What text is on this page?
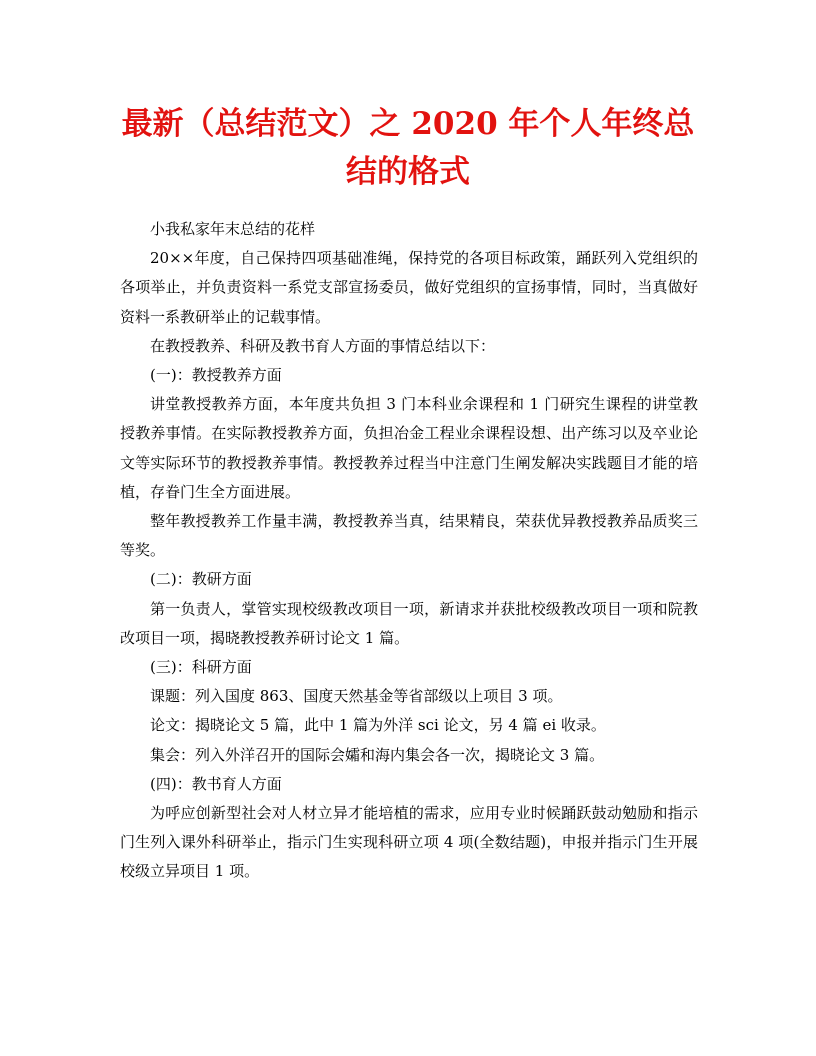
最新（总结范文）之 2020 年个人年终总结的格式

小我私家年末总结的花样

20××年度，自己保持四项基础准绳，保持党的各项目标政策，踊跃列入党组织的各项举止，并负责资料一系党支部宣扬委员，做好党组织的宣扬事情，同时，当真做好资料一系教研举止的记载事情。

在教授教养、科研及教书育人方面的事情总结以下：

(一)：教授教养方面

讲堂教授教养方面，本年度共负担 3 门本科业余课程和 1 门研究生课程的讲堂教授教养事情。在实际教授教养方面，负担冶金工程业余课程设想、出产练习以及卒业论文等实际环节的教授教养事情。教授教养过程当中注意门生阐发解决实践题目才能的培植，存眷门生全方面进展。

整年教授教养工作量丰满，教授教养当真，结果精良，荣获优异教授教养品质奖三等奖。

(二)：教研方面

第一负责人，掌管实现校级教改项目一项，新请求并获批校级教改项目一项和院教改项目一项，揭晓教授教养研讨论文 1 篇。

(三)：科研方面

课题：列入国度 863、国度天然基金等省部级以上项目 3 项。

论文：揭晓论文 5 篇，此中 1 篇为外洋 sci 论文，另 4 篇 ei 收录。

集会：列入外洋召开的国际会孀和海内集会各一次，揭晓论文 3 篇。

(四)：教书育人方面

为呼应创新型社会对人材立异才能培植的需求，应用专业时候踊跃鼓动勉励和指示门生列入课外科研举止，指示门生实现科研立项 4 项(全数结题)，申报并指示门生开展校级立异项目 1 项。
